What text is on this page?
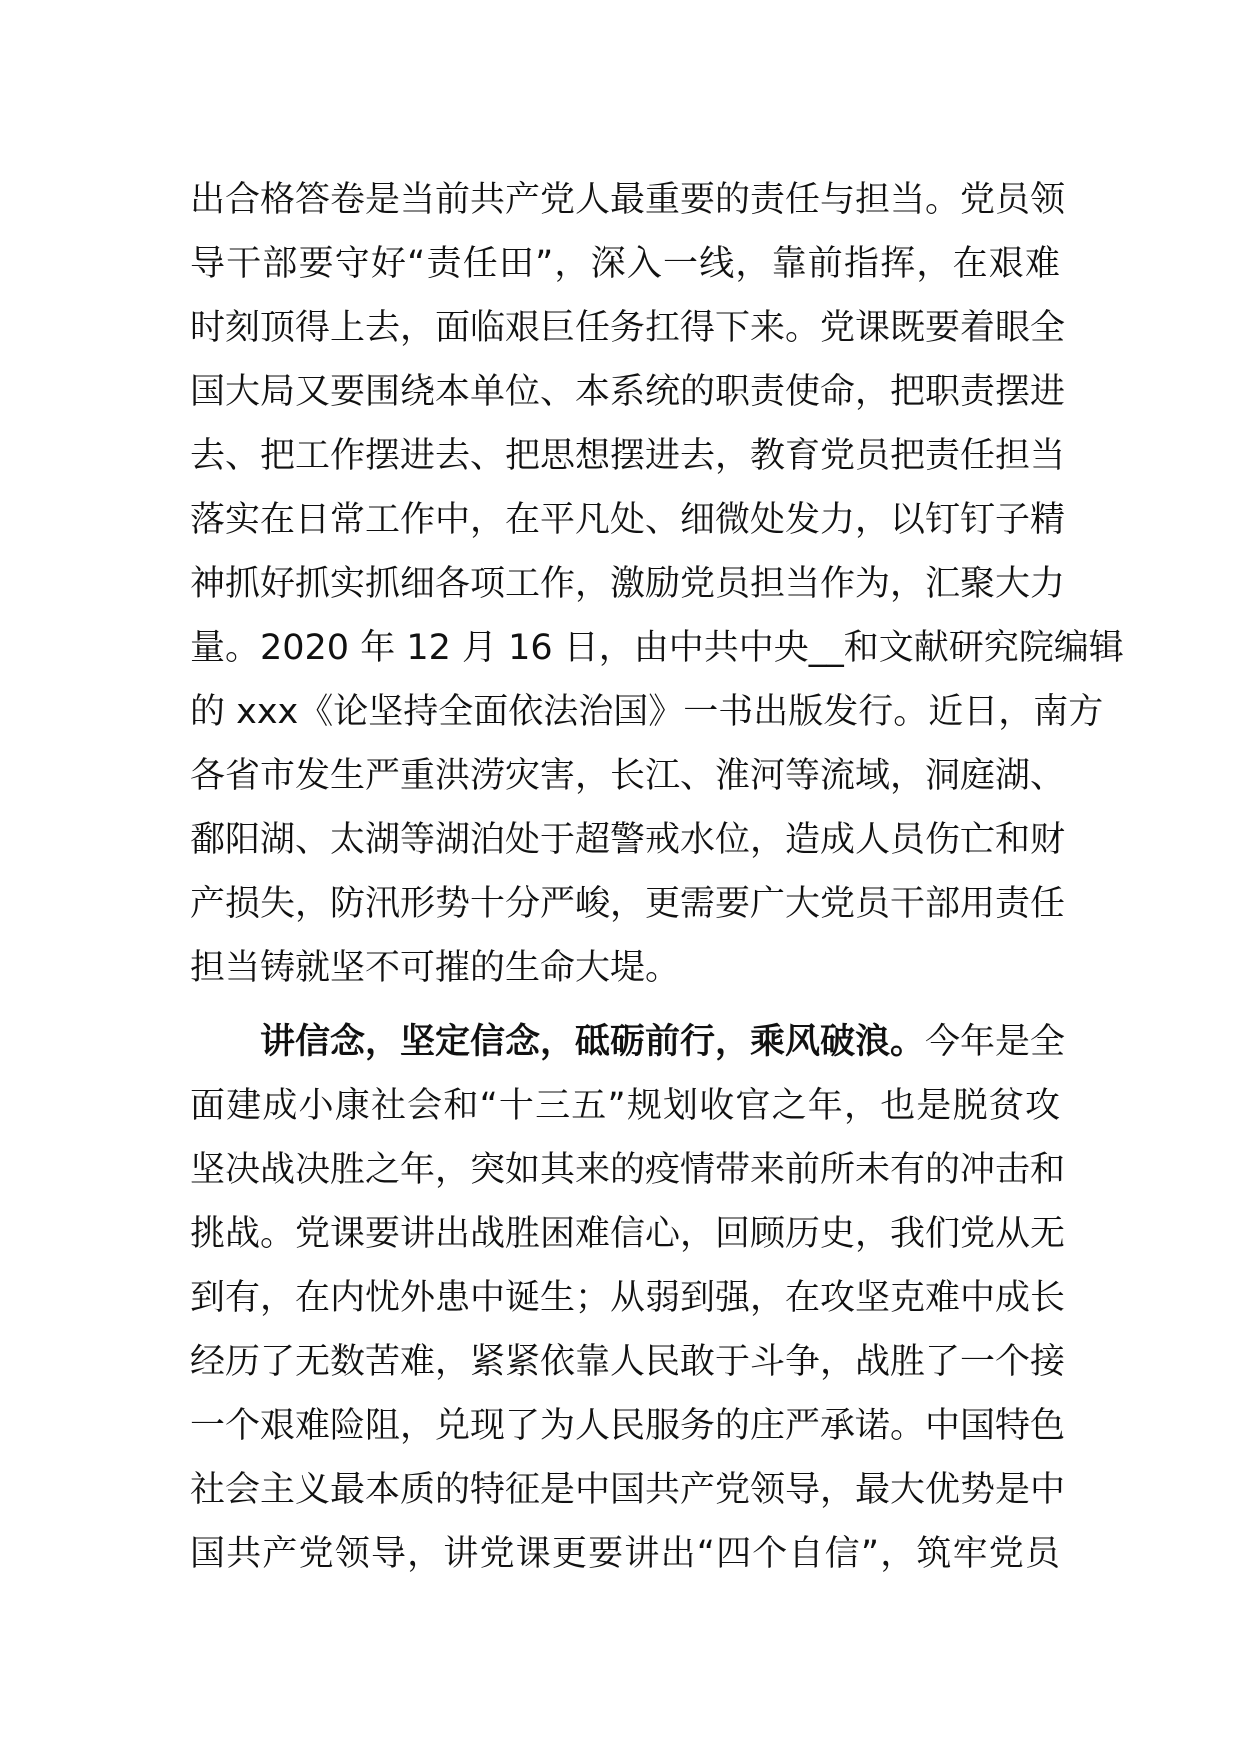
出合格答卷是当前共产党人最重要的责任与担当。党员领
导干部要守好“责任田”，深入一线，靠前指挥，在艰难
时刻顶得上去，面临艰巨任务扛得下来。党课既要着眼全
国大局又要围绕本单位、本系统的职责使命，把职责摆进
去、把工作摆进去、把思想摆进去，教育党员把责任担当
落实在日常工作中，在平凡处、细微处发力，以钉钉子精
神抓好抓实抓细各项工作，激励党员担当作为，汇聚大力
量。2020 年 12 月 16 日，由中共中央__和文献研究院编辑
的 xxx《论坚持全面依法治国》一书出版发行。近日，南方
各省市发生严重洪涝灾害，长江、淮河等流域，洞庭湖、
鄱阳湖、太湖等湖泊处于超警戒水位，造成人员伤亡和财
产损失，防汛形势十分严峻，更需要广大党员干部用责任
担当铸就坚不可摧的生命大堤。
讲信念，坚定信念，砥砺前行，乘风破浪。今年是全
面建成小康社会和“十三五”规划收官之年，也是脱贫攻
坚决战决胜之年，突如其来的疫情带来前所未有的冲击和
挑战。党课要讲出战胜困难信心，回顾历史，我们党从无
到有，在内忧外患中诞生；从弱到强，在攻坚克难中成长
经历了无数苦难，紧紧依靠人民敢于斗争，战胜了一个接
一个艰难险阻，兑现了为人民服务的庄严承诺。中国特色
社会主义最本质的特征是中国共产党领导，最大优势是中
国共产党领导，讲党课更要讲出“四个自信”，筑牢党员
